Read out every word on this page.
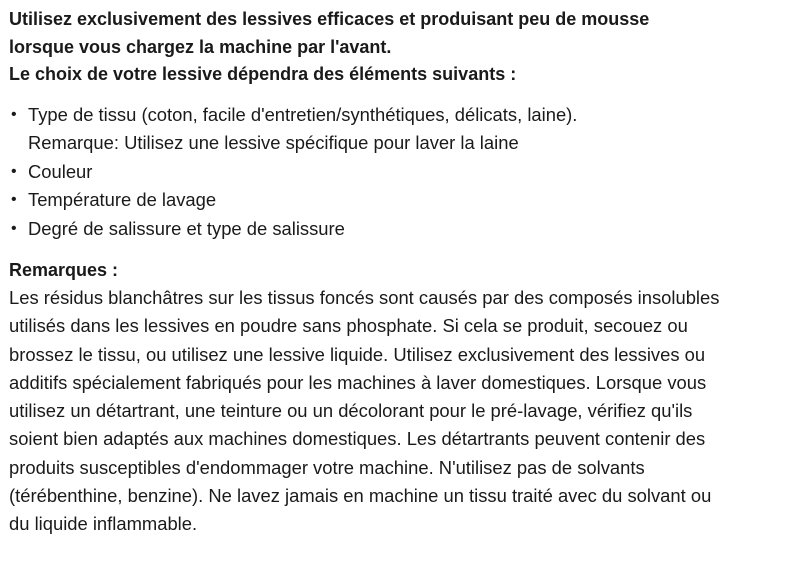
Utilisez exclusivement des lessives efficaces et produisant peu de mousse
lorsque vous chargez la machine par l'avant.
Le choix de votre lessive dépendra des éléments suivants :

• Type de tissu (coton, facile d'entretien/synthétiques, délicats, laine).
Remarque: Utilisez une lessive spécifique pour laver la laine
• Couleur
• Température de lavage
• Degré de salissure et type de salissure
Remarques :

Les résidus blanchâtres sur les tissus foncés sont causés par des composés insolubles
utilisés dans les lessives en poudre sans phosphate. Si cela se produit, secouez ou
brossez le tissu, ou utilisez une lessive liquide. Utilisez exclusivement des lessives ou
additifs spécialement fabriqués pour les machines à laver domestiques. Lorsque vous
utilisez un détartrant, une teinture ou un décolorant pour le pré-lavage, vérifiez qu'ils
soient bien adaptés aux machines domestiques. Les détartrants peuvent contenir des
produits susceptibles d'endommager votre machine. N'utilisez pas de solvants
(térébenthine, benzine). Ne lavez jamais en machine un tissu traité avec du solvant ou
du liquide inflammable.
